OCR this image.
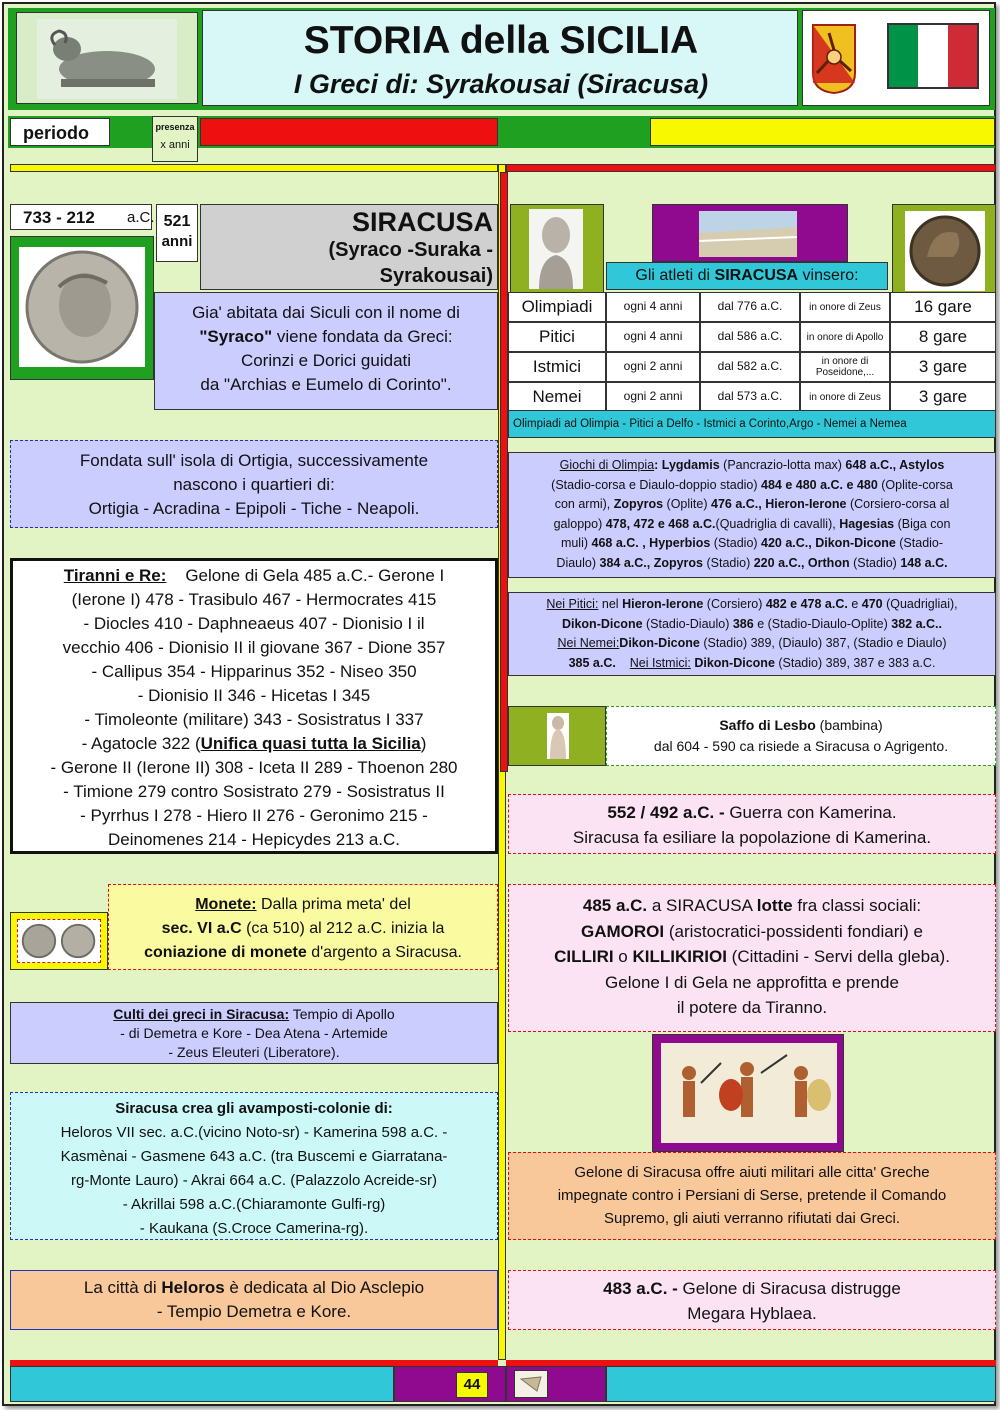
STORIA della SICILIA
I Greci di: Syrakousai (Siracusa)
periodo	presenza
x anni
733 - 212 a.C. 521
anni
SIRACUSA
(Syraco -Suraka -
Syrakousai)
Gia' abitata dai Siculi con il nome di
"Syraco" viene fondata da Greci:
Corinzi e Dorici guidati
da "Archias e Eumelo di Corinto".
Fondata sull' isola di Ortigia, successivamente
nascono i quartieri di:
Ortigia - Acradina - Epipoli - Tiche - Neapoli.
Tiranni e Re: Gelone di Gela 485 a.C.- Gerone I
(Ierone I) 478 - Trasibulo 467 - Hermocrates 415
- Diocles 410 - Daphneaeus 407 - Dionisio I il
vecchio 406 - Dionisio II il giovane 367 - Dione 357
- Callipus 354 - Hipparinus 352 - Niseo 350
- Dionisio II 346 - Hicetas I 345
- Timoleonte (militare) 343 - Sosistratus I 337
- Agatocle 322 (Unifica quasi tutta la Sicilia)
- Gerone II (Ierone II) 308 - Iceta II 289 - Thoenon 280
- Timione 279 contro Sosistrato 279 - Sosistratus II
- Pyrrhus I 278 - Hiero II 276 - Geronimo 215 -
Deinomenes 214 - Hepicydes 213 a.C.
Monete: Dalla prima meta' del
sec. VI a.C (ca 510) al 212 a.C. inizia la
coniazione di monete d'argento a Siracusa.
Culti dei greci in Siracusa: Tempio di Apollo
- di Demetra e Kore - Dea Atena - Artemide
- Zeus Eleuteri (Liberatore).
Siracusa crea gli avamposti-colonie di:
Heloros VII sec. a.C.(vicino Noto-sr) - Kamerina 598 a.C. -
Kasmènai - Gasmene 643 a.C. (tra Buscemi e Giarratana-
rg-Monte Lauro) - Akrai 664 a.C. (Palazzolo Acreide-sr)
- Akrillai 598 a.C.(Chiaramonte Gulfi-rg)
- Kaukana (S.Croce Camerina-rg).
La città di Heloros è dedicata al Dio Asclepio
- Tempio Demetra e Kore.
Gli atleti di SIRACUSA vinsero:
Olimpiadi	ogni 4 anni	dal 776 a.C.	in onore di Zeus	16 gare
Pitici	ogni 4 anni	dal 586 a.C.	in onore di Apollo	8 gare
Istmici	ogni 2 anni	dal 582 a.C.	in onore di Poseidone,...	3 gare
Nemei	ogni 2 anni	dal 573 a.C.	in onore di Zeus	3 gare
Olimpiadi ad Olimpia - Pitici a Delfo - Istmici a Corinto,Argo - Nemei a Nemea
Giochi di Olimpia: Lygdamis (Pancrazio-lotta max) 648 a.C., Astylos
(Stadio-corsa e Diaulo-doppio stadio) 484 e 480 a.C. e 480 (Oplite-corsa
con armi), Zopyros (Oplite) 476 a.C., Hieron-Ierone (Corsiero-corsa al
galoppo) 478, 472 e 468 a.C.(Quadriglia di cavalli), Hagesias (Biga con
muli) 468 a.C. , Hyperbios (Stadio) 420 a.C., Dikon-Dicone (Stadio-
Diaulo) 384 a.C., Zopyros (Stadio) 220 a.C., Orthon (Stadio) 148 a.C.
Nei Pitici: nel Hieron-Ierone (Corsiero) 482 e 478 a.C. e 470 (Quadrigliai),
Dikon-Dicone (Stadio-Diaulo) 386 e (Stadio-Diaulo-Oplite) 382 a.C..
Nei Nemei:Dikon-Dicone (Stadio) 389, (Diaulo) 387, (Stadio e Diaulo)
385 a.C. Nei Istmici: Dikon-Dicone (Stadio) 389, 387 e 383 a.C.
Saffo di Lesbo (bambina)
dal 604 - 590 ca risiede a Siracusa o Agrigento.
552 / 492 a.C. - Guerra con Kamerina.
Siracusa fa esiliare la popolazione di Kamerina.
485 a.C. a SIRACUSA lotte fra classi sociali:
GAMOROI (aristocratici-possidenti fondiari) e
CILLIRI o KILLIKIRIOI (Cittadini - Servi della gleba).
Gelone I di Gela ne approfitta e prende
il potere da Tiranno.
Gelone di Siracusa offre aiuti militari alle citta' Greche
impegnate contro i Persiani di Serse, pretende il Comando
Supremo, gli aiuti verranno rifiutati dai Greci.
483 a.C. - Gelone di Siracusa distrugge
Megara Hyblaea.
44
